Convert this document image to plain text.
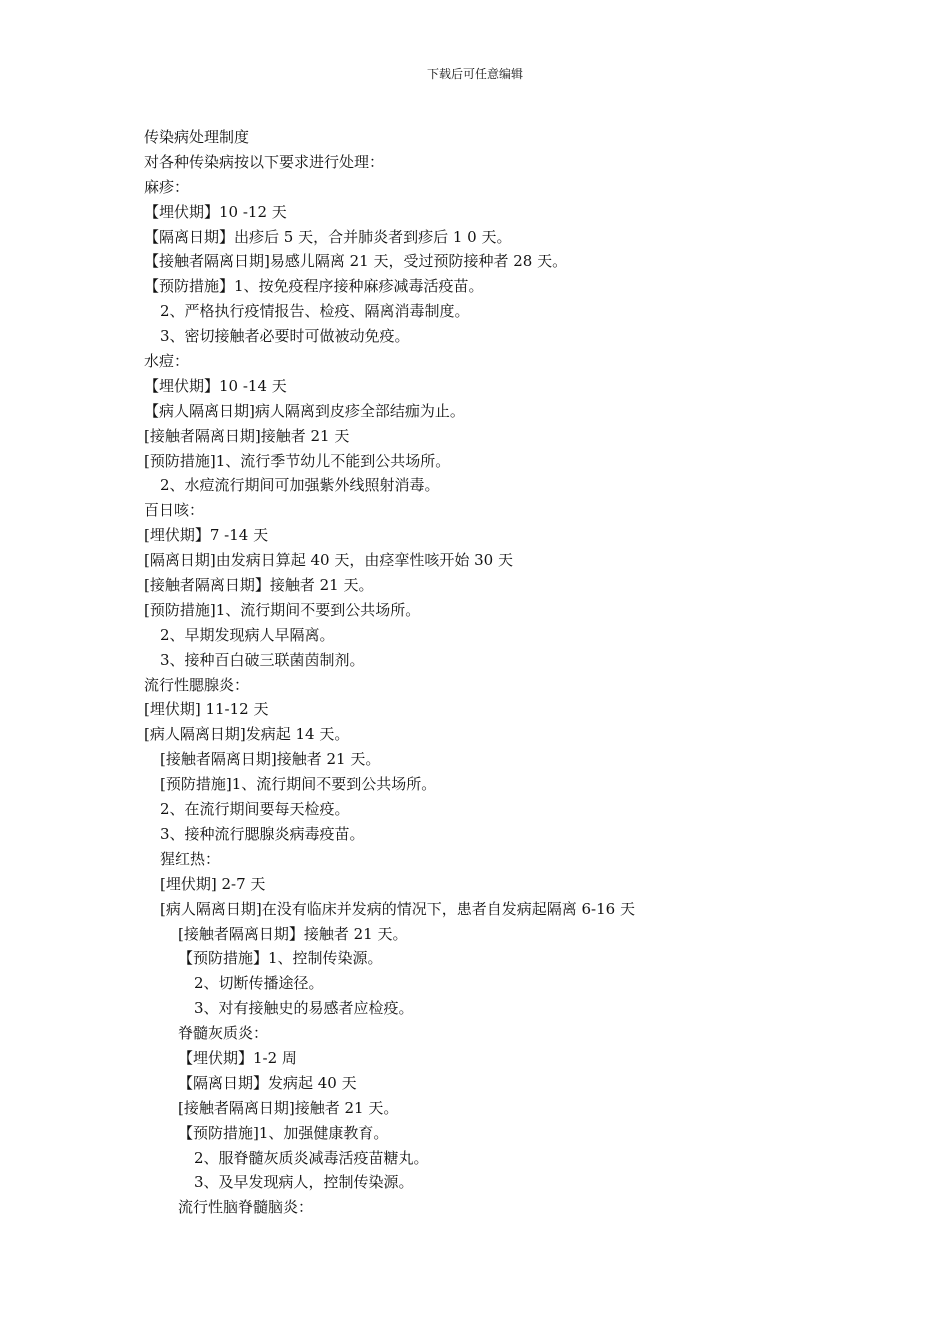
下载后可任意编辑
传染病处理制度
对各种传染病按以下要求进行处理：
麻疹：
【埋伏期】10 -12 天
【隔离日期】出疹后 5 天，合并肺炎者到疹后 1 0 天。
【接触者隔离日期]易感儿隔离 21 天，受过预防接种者 28 天。
【预防措施】1、按免疫程序接种麻疹减毒活疫苗。
2、严格执行疫情报告、检疫、隔离消毒制度。
3、密切接触者必要时可做被动免疫。
水痘：
【埋伏期】10 -14 天
【病人隔离日期]病人隔离到皮疹全部结痂为止。
[接触者隔离日期]接触者 21 天
[预防措施]1、流行季节幼儿不能到公共场所。
2、水痘流行期间可加强紫外线照射消毒。
百日咳：
[埋伏期】7 -14 天
[隔离日期]由发病日算起 40 天，由痉挛性咳开始 30 天
[接触者隔离日期】接触者 21 天。
[预防措施]1、流行期间不要到公共场所。
2、早期发现病人早隔离。
3、接种百白破三联菌茵制剂。
流行性腮腺炎：
[埋伏期] 11-12 天
[病人隔离日期]发病起 14 天。
[接触者隔离日期]接触者 21 天。
[预防措施]1、流行期间不要到公共场所。
2、在流行期间要每天检疫。
3、接种流行腮腺炎病毒疫苗。
猩红热：
[埋伏期] 2-7 天
[病人隔离日期]在没有临床并发病的情况下，患者自发病起隔离 6-16 天
[接触者隔离日期】接触者 21 天。
【预防措施】1、控制传染源。
2、切断传播途径。
3、对有接触史的易感者应检疫。
脊髓灰质炎：
【埋伏期】1-2 周
【隔离日期】发病起 40 天
[接触者隔离日期]接触者 21 天。
【预防措施]1、加强健康教育。
2、服脊髓灰质炎减毒活疫苗糖丸。
3、及早发现病人，控制传染源。
流行性脑脊髓脑炎：
